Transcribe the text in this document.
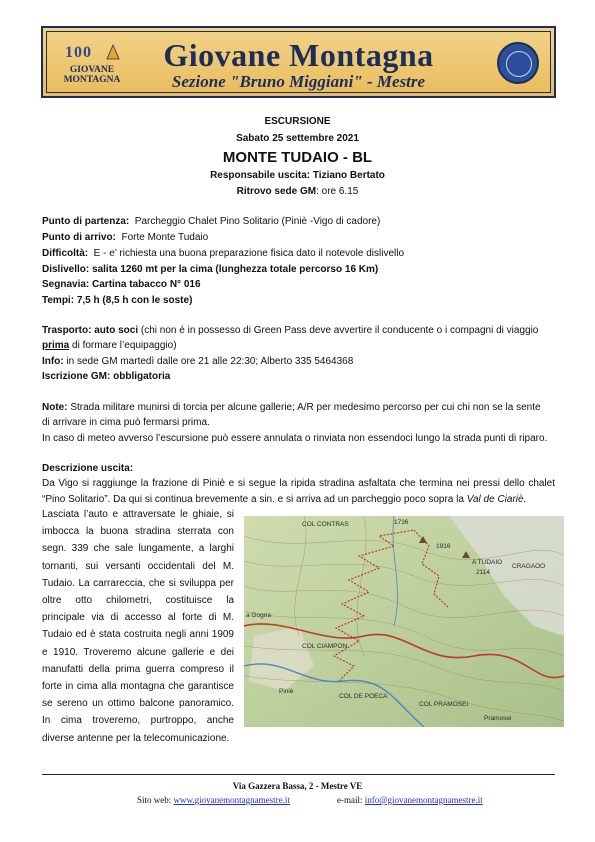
100
GIOVANE
MONTAGNA
Giovane Montagna
Sezione "Bruno Miggiani" - Mestre
ESCURSIONE
Sabato 25 settembre 2021
MONTE TUDAIO - BL
Responsabile uscita: Tiziano Bertato
Ritrovo sede GM: ore 6.15
Punto di partenza: Parcheggio Chalet Pino Solitario (Piniè -Vigo di cadore)
Punto di arrivo: Forte Monte Tudaio
Difficoltà: E - e’ richiesta una buona preparazione fisica dato il notevole dislivello
Dislivello: salita 1260 mt per la cima (lunghezza totale percorso 16 Km)
Segnavia: Cartina tabacco N° 016
Tempi: 7,5 h (8,5 h con le soste)
Trasporto: auto soci (chi non é in possesso di Green Pass deve avvertire il conducente o i compagni di viaggio
prima di formare l’equipaggio)
Info: in sede GM martedì dalle ore 21 alle 22:30; Alberto 335 5464368
Iscrizione GM: obbligatoria
Note: Strada militare munirsi di torcia per alcune gallerie; A/R per medesimo percorso per cui chi non se la sente
di arrivare in cima può fermarsi prima.
In caso di meteo avverso l’escursione può essere annulata o rinviata non essendoci lungo la strada punti di riparo.
Descrizione uscita:
Da Vigo si raggiunge la frazione di Piniè e si segue la ripida stradina asfaltata che termina nei pressi dello chalet
“Pino Solitario”. Da qui si continua brevemente a sin. e si arriva ad un parcheggio poco sopra la Val de Ciariè.
Lasciata l’auto e attraversate le ghiaie, si imbocca la buona stradina sterrata con segn. 339 che sale lungamente, a larghi tornanti, sui versanti occidentali del M. Tudaio. La carrareccia, che si sviluppa per oltre otto chilometri, costituisce la principale via di accesso al forte di M. Tudaio ed è stata costruita negli anni 1909 e 1910. Troveremo alcune gallerie e dei manufatti della prima guerra compreso il forte in cima alla montagna che garantisce se sereno un ottimo balcone panoramico. In cima troveremo, purtroppo, anche diverse antenne per la telecomunicazione.
COL CONTRAS	1736
1916
A TUDAIO
2114
CRAGAOO
a Gogna
COL CIAMPON
Piniè
COL DE POECA
COL PRAMOSEI
Pramosei
Via Gazzera Bassa, 2 - Mestre VE
Sito web: www.giovanemontagnamestre.it	e-mail: info@giovanemontagnamestre.it
